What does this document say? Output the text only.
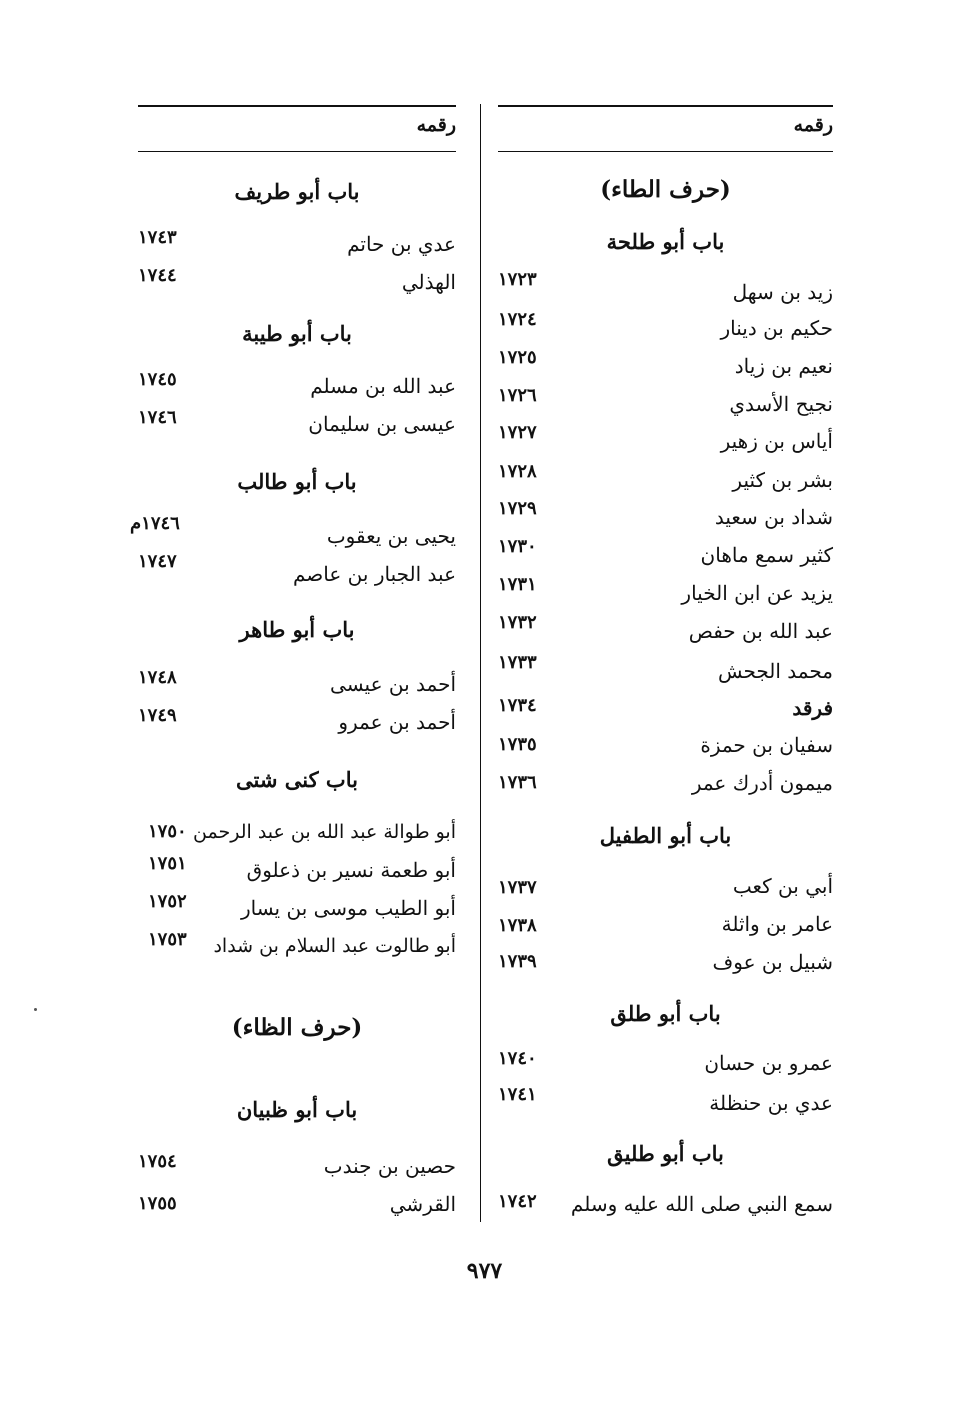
رقمه
(حرف الطاء)
باب أبو طلحة
زيد بن سهل
١٧٢٣
حكيم بن دينار
١٧٢٤
نعيم بن زياد
١٧٢٥
نجيح الأسدي
١٧٢٦
أياس بن زهير
١٧٢٧
بشر بن كثير
١٧٢٨
شداد بن سعيد
١٧٢٩
كثير سمع ماهان
١٧٣٠
يزيد عن ابن الخيار
١٧٣١
عبد الله بن حفص
١٧٣٢
محمد الجحش
١٧٣٣
فرقد
١٧٣٤
سفيان بن حمزة
١٧٣٥
ميمون أدرك عمر
١٧٣٦
باب أبو الطفيل
أبي بن كعب
١٧٣٧
عامر بن واثلة
١٧٣٨
شبيل بن عوف
١٧٣٩
باب أبو طلق
عمرو بن حسان
١٧٤٠
عدي بن حنظلة
١٧٤١
باب أبو طليق
سمع النبي صلى الله عليه وسلم
١٧٤٢
رقمه
باب أبو طريف
عدي بن حاتم
١٧٤٣
الهذلي
١٧٤٤
باب أبو طيبة
عبد الله بن مسلم
١٧٤٥
عيسى بن سليمان
١٧٤٦
باب أبو طالب
يحيى بن يعقوب
١٧٤٦م
عبد الجبار بن عاصم
١٧٤٧
باب أبو طاهر
أحمد بن عيسى
١٧٤٨
أحمد بن عمرو
١٧٤٩
باب كنى شتى
أبو طوالة عبد الله بن عبد الرحمن
١٧٥٠
أبو طعمة نسير بن ذعلوق
١٧٥١
أبو الطيب موسى بن يسار
١٧٥٢
أبو طالوت عبد السلام بن شداد
١٧٥٣
(حرف الظاء)
باب أبو ظبيان
حصين بن جندب
١٧٥٤
القرشي
١٧٥٥
٩٧٧
